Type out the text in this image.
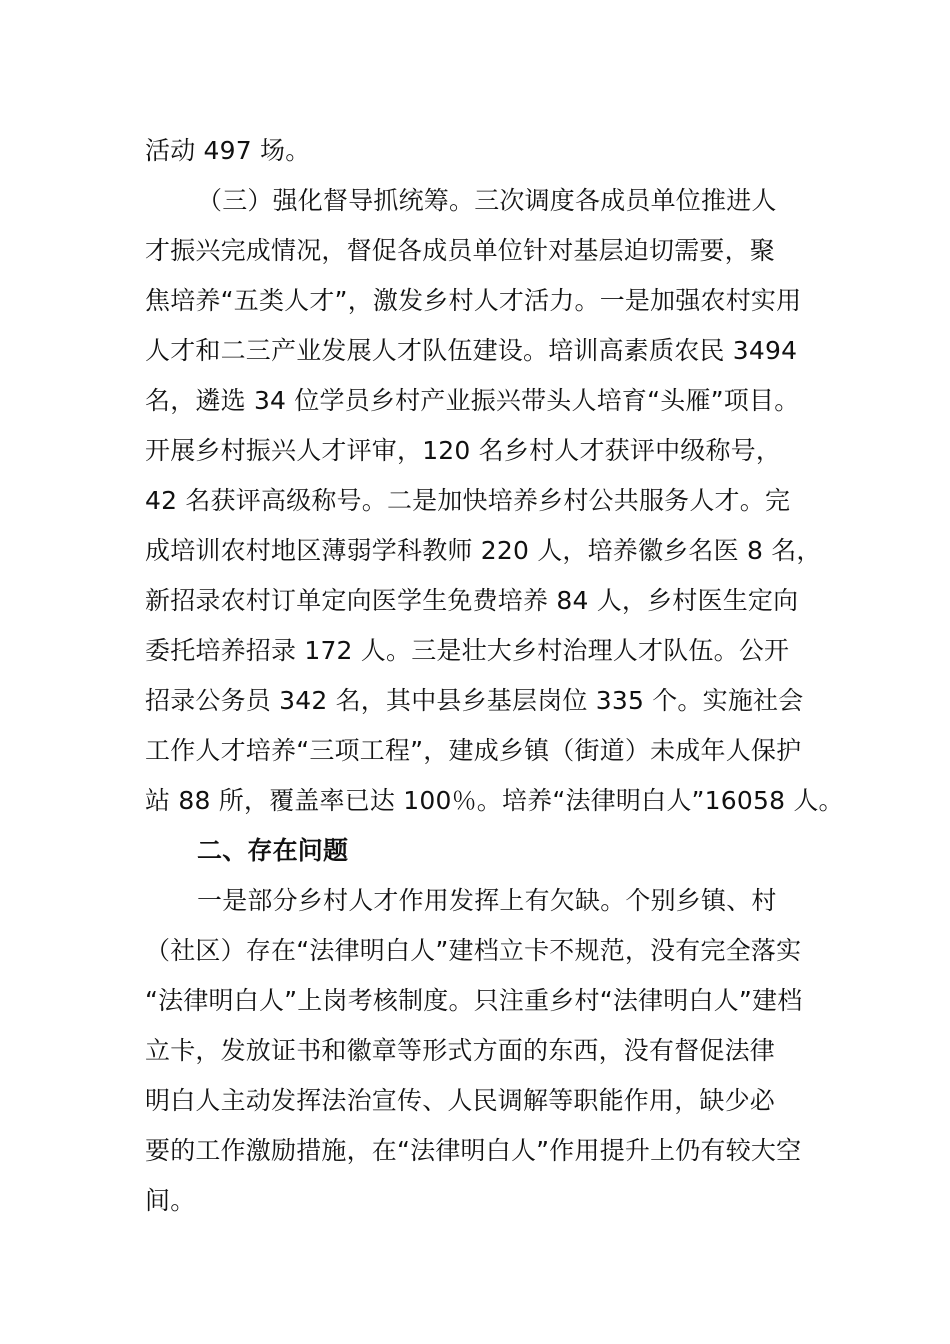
活动 497 场。
（三）强化督导抓统筹。三次调度各成员单位推进人
才振兴完成情况，督促各成员单位针对基层迫切需要，聚
焦培养“五类人才”，激发乡村人才活力。一是加强农村实用
人才和二三产业发展人才队伍建设。培训高素质农民 3494
名，遴选 34 位学员乡村产业振兴带头人培育“头雁”项目。
开展乡村振兴人才评审，120 名乡村人才获评中级称号，
42 名获评高级称号。二是加快培养乡村公共服务人才。完
成培训农村地区薄弱学科教师 220 人，培养徽乡名医 8 名，
新招录农村订单定向医学生免费培养 84 人，乡村医生定向
委托培养招录 172 人。三是壮大乡村治理人才队伍。公开
招录公务员 342 名，其中县乡基层岗位 335 个。实施社会
工作人才培养“三项工程”，建成乡镇（街道）未成年人保护
站 88 所，覆盖率已达 100％。培养“法律明白人”16058 人。
二、存在问题
一是部分乡村人才作用发挥上有欠缺。个别乡镇、村
（社区）存在“法律明白人”建档立卡不规范，没有完全落实
“法律明白人”上岗考核制度。只注重乡村“法律明白人”建档
立卡，发放证书和徽章等形式方面的东西，没有督促法律
明白人主动发挥法治宣传、人民调解等职能作用，缺少必
要的工作激励措施，在“法律明白人”作用提升上仍有较大空
间。
